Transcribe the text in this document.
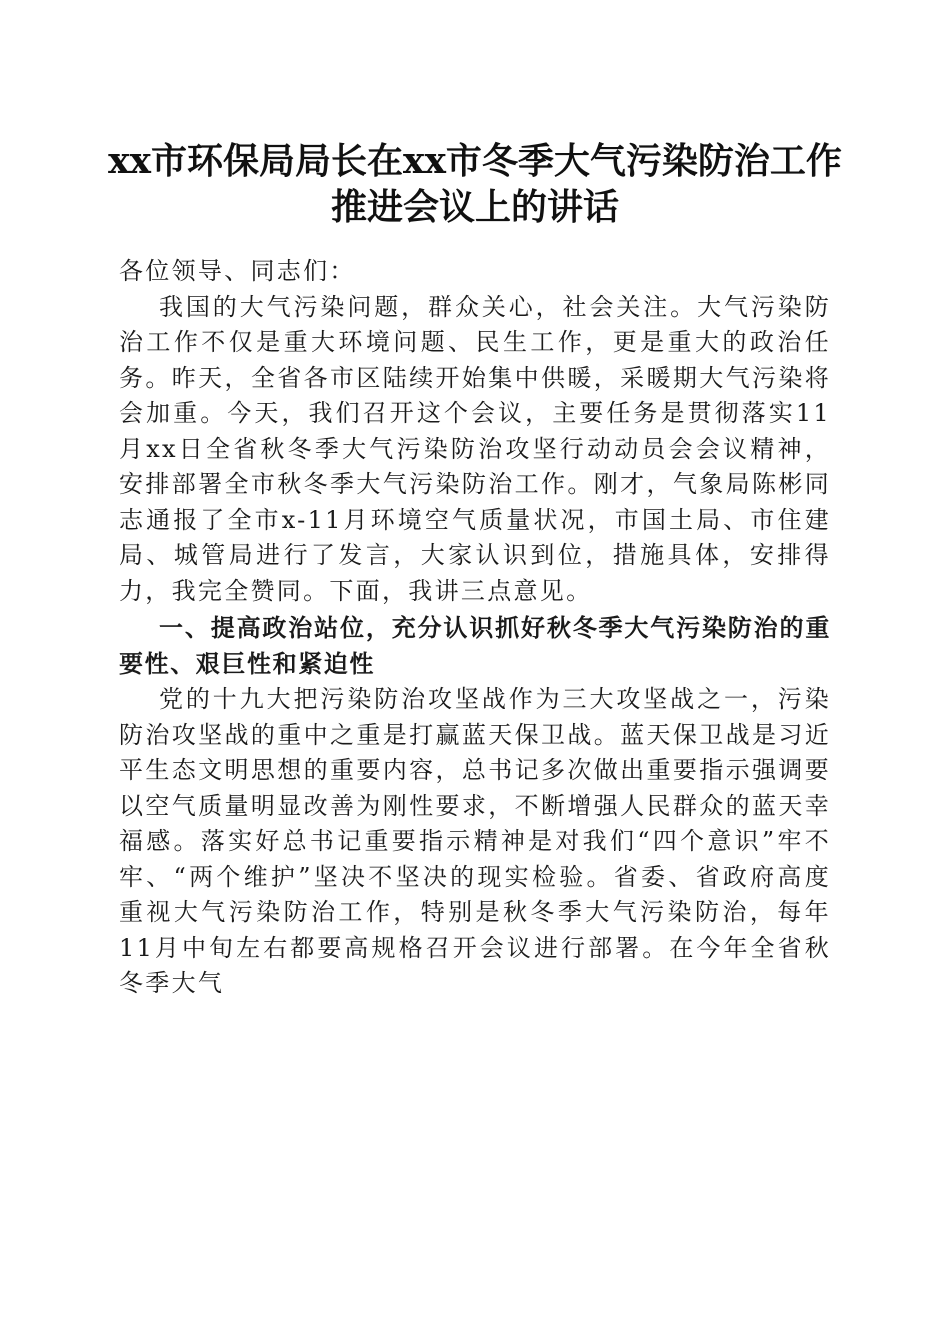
xx市环保局局长在xx市冬季大气污染防治工作推进会议上的讲话

各位领导、同志们：

我国的大气污染问题，群众关心，社会关注。大气污染防治工作不仅是重大环境问题、民生工作，更是重大的政治任务。昨天，全省各市区陆续开始集中供暖，采暖期大气污染将会加重。今天，我们召开这个会议，主要任务是贯彻落实11月xx日全省秋冬季大气污染防治攻坚行动动员会会议精神，安排部署全市秋冬季大气污染防治工作。刚才，气象局陈彬同志通报了全市x-11月环境空气质量状况，市国土局、市住建局、城管局进行了发言，大家认识到位，措施具体，安排得力，我完全赞同。下面，我讲三点意见。

一、提高政治站位，充分认识抓好秋冬季大气污染防治的重要性、艰巨性和紧迫性

党的十九大把污染防治攻坚战作为三大攻坚战之一，污染防治攻坚战的重中之重是打赢蓝天保卫战。蓝天保卫战是习近平生态文明思想的重要内容，总书记多次做出重要指示强调要以空气质量明显改善为刚性要求，不断增强人民群众的蓝天幸福感。落实好总书记重要指示精神是对我们“四个意识”牢不牢、“两个维护”坚决不坚决的现实检验。省委、省政府高度重视大气污染防治工作，特别是秋冬季大气污染防治，每年11月中旬左右都要高规格召开会议进行部署。在今年全省秋冬季大气
